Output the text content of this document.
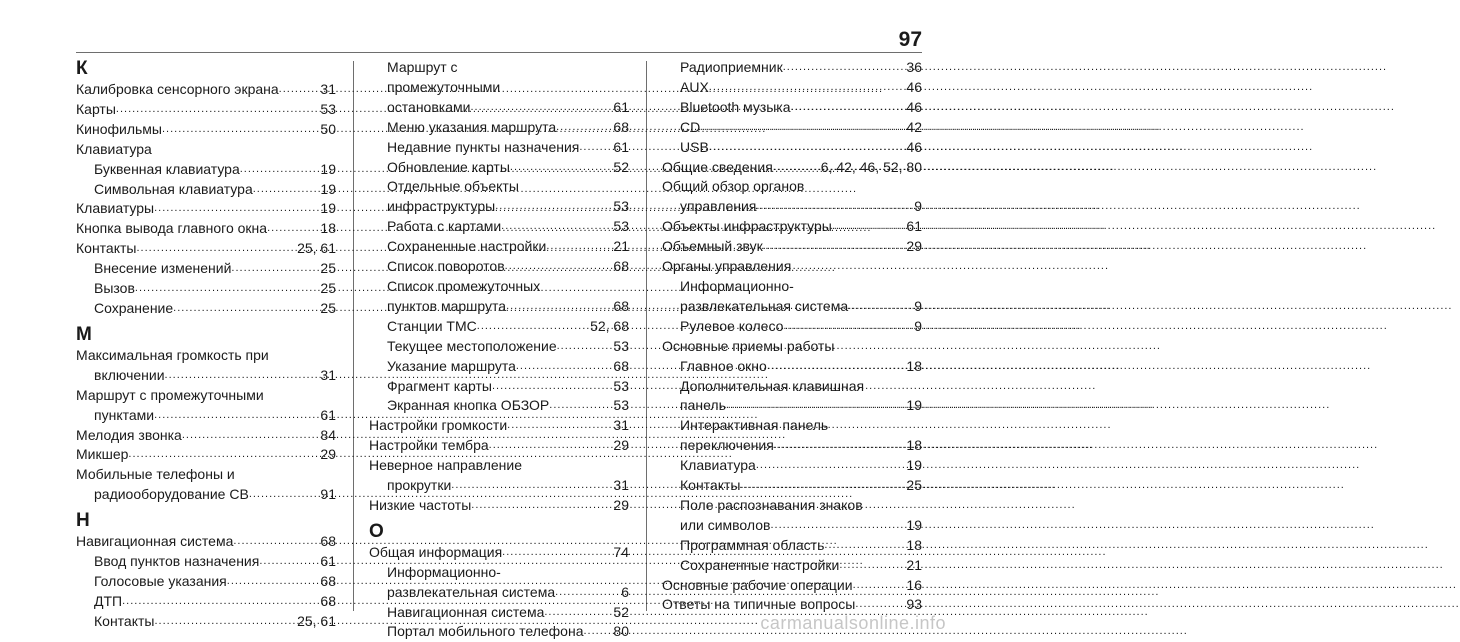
97
К
Калибровка сенсорного экрана .....	31
Карты .....	53
Кинофильмы .....	50
Клавиатура
Буквенная клавиатура .....	19
Символьная клавиатура .....	19
Клавиатуры .....	19
Кнопка вывода главного окна .....	18
Контакты .....	25, 61
Внесение изменений .....	25
Вызов .....	25
Сохранение .....	25
М
Максимальная громкость при
включении .....	31
Маршрут с промежуточными
пунктами .....	61
Мелодия звонка .....	84
Микшер .....	29
Мобильные телефоны и
радиооборудование СВ .....	91
Н
Навигационная система .....	68
Ввод пунктов назначения .....	61
Голосовые указания .....	68
ДТП .....	68
Контакты .....	25, 61
Маршрут с
промежуточными
остановками .....	61
Меню указания маршрута .....	68
Недавние пункты назначения ..... 61
Обновление карты .....	52
Отдельные объекты
инфраструктуры .....	53
Работа с картами .....	53
Сохраненные настройки .....	21
Список поворотов .....	68
Список промежуточных
пунктов маршрута .....	68
Станции TMC .....	52, 68
Текущее местоположение .....	53
Указание маршрута .....	68
Фрагмент карты .....	53
Экранная кнопка ОБЗОР .....	53
Настройки громкости .....	31
Настройки тембра .....	29
Неверное направление
прокрутки .....	31
Низкие частоты .....	29
О
Общая информация .....	74
Информационно-
развлекательная система .....	6
Навигационная система .....	52
Портал мобильного телефона ..... 80
Радиоприемник .....	36
AUX .....	46
Bluetooth музыка .....	46
CD .....	42
USB .....	46
Общие сведения .....	6, 42, 46, 52, 80
Общий обзор органов
управления .....	9
Объекты инфраструктуры .....	61
Объемный звук .....	29
Органы управления
Информационно-
развлекательная система .....	9
Рулевое колесо .....	9
Основные приемы работы
Главное окно .....	18
Дополнительная клавишная
панель .....	19
Интерактивная панель
переключения .....	18
Клавиатура .....	19
Контакты .....	25
Поле распознавания знаков
или символов .....	19
Программная область .....	18
Сохраненные настройки .....	21
Основные рабочие операции .....	16
Ответы на типичные вопросы .....	93
carmanualsonline.info
